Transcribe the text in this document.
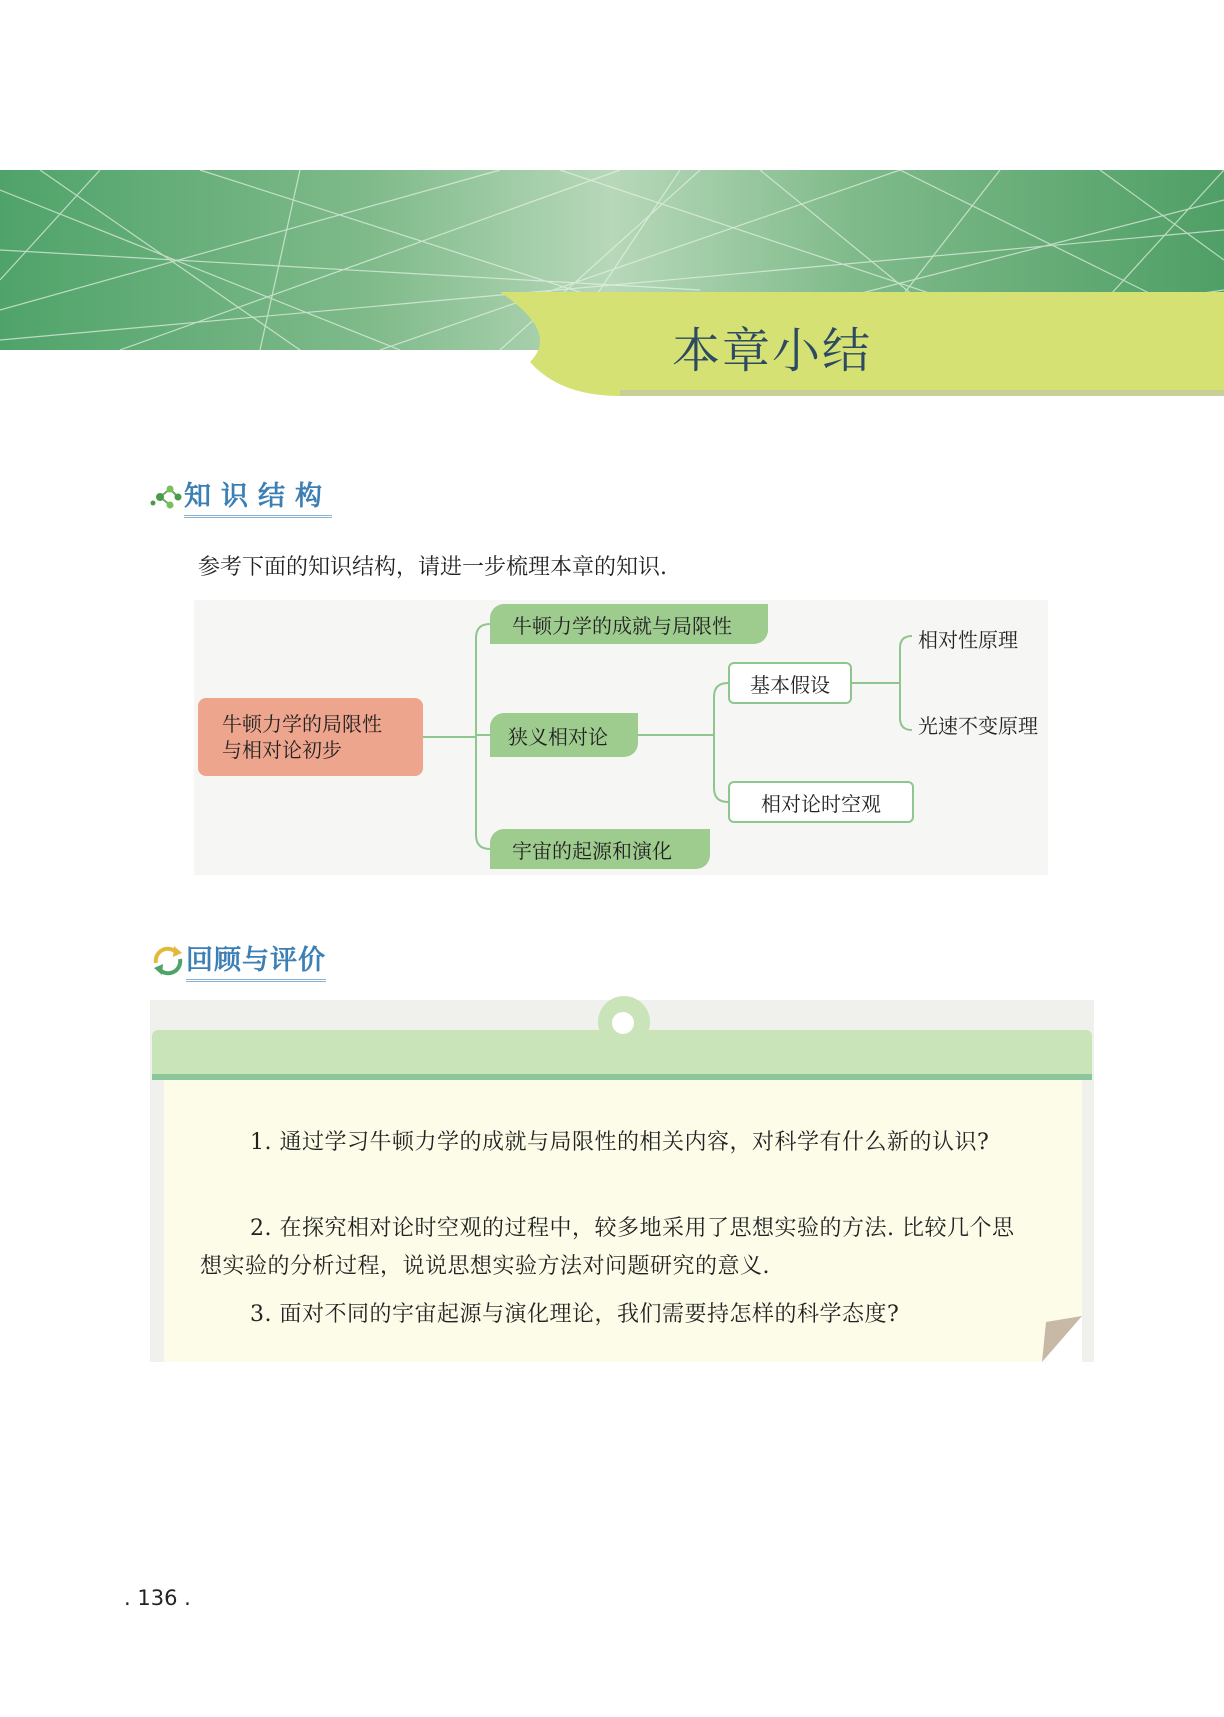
本章小结
知识结构
参考下面的知识结构，请进一步梳理本章的知识.
牛顿力学的局限性
与相对论初步
牛顿力学的成就与局限性
狭义相对论
宇宙的起源和演化
基本假设
相对论时空观
相对性原理
光速不变原理
回顾与评价
1. 通过学习牛顿力学的成就与局限性的相关内容，对科学有什么新的认识?
2. 在探究相对论时空观的过程中，较多地采用了思想实验的方法. 比较几个思想实验的分析过程，说说思想实验方法对问题研究的意义.
3. 面对不同的宇宙起源与演化理论，我们需要持怎样的科学态度?
. 136 .
